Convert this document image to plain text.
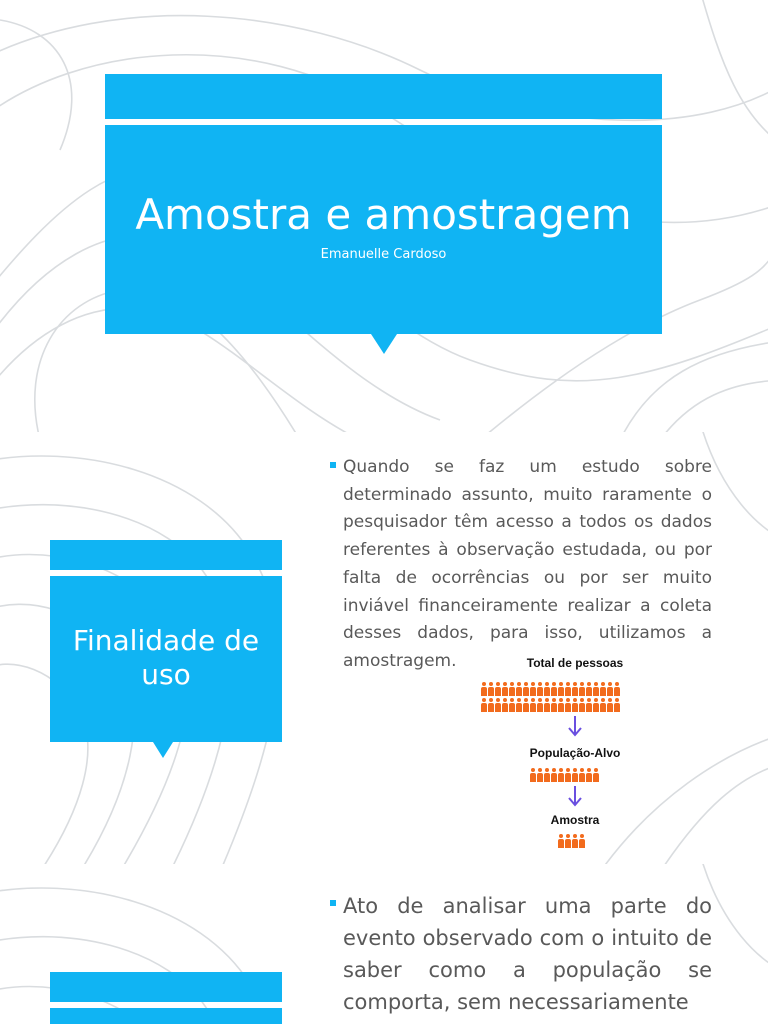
Amostra e amostragem

Emanuelle Cardoso

Finalidade de uso

Quando se faz um estudo sobre determinado assunto, muito raramente o pesquisador têm acesso a todos os dados referentes à observação estudada, ou por falta de ocorrências ou por ser muito inviável financeiramente realizar a coleta desses dados, para isso, utilizamos a amostragem.	Total de pessoas

População-Alvo

Amostra

Ato de analisar uma parte do evento observado com o intuito de saber como a população se comporta, sem necessariamente
